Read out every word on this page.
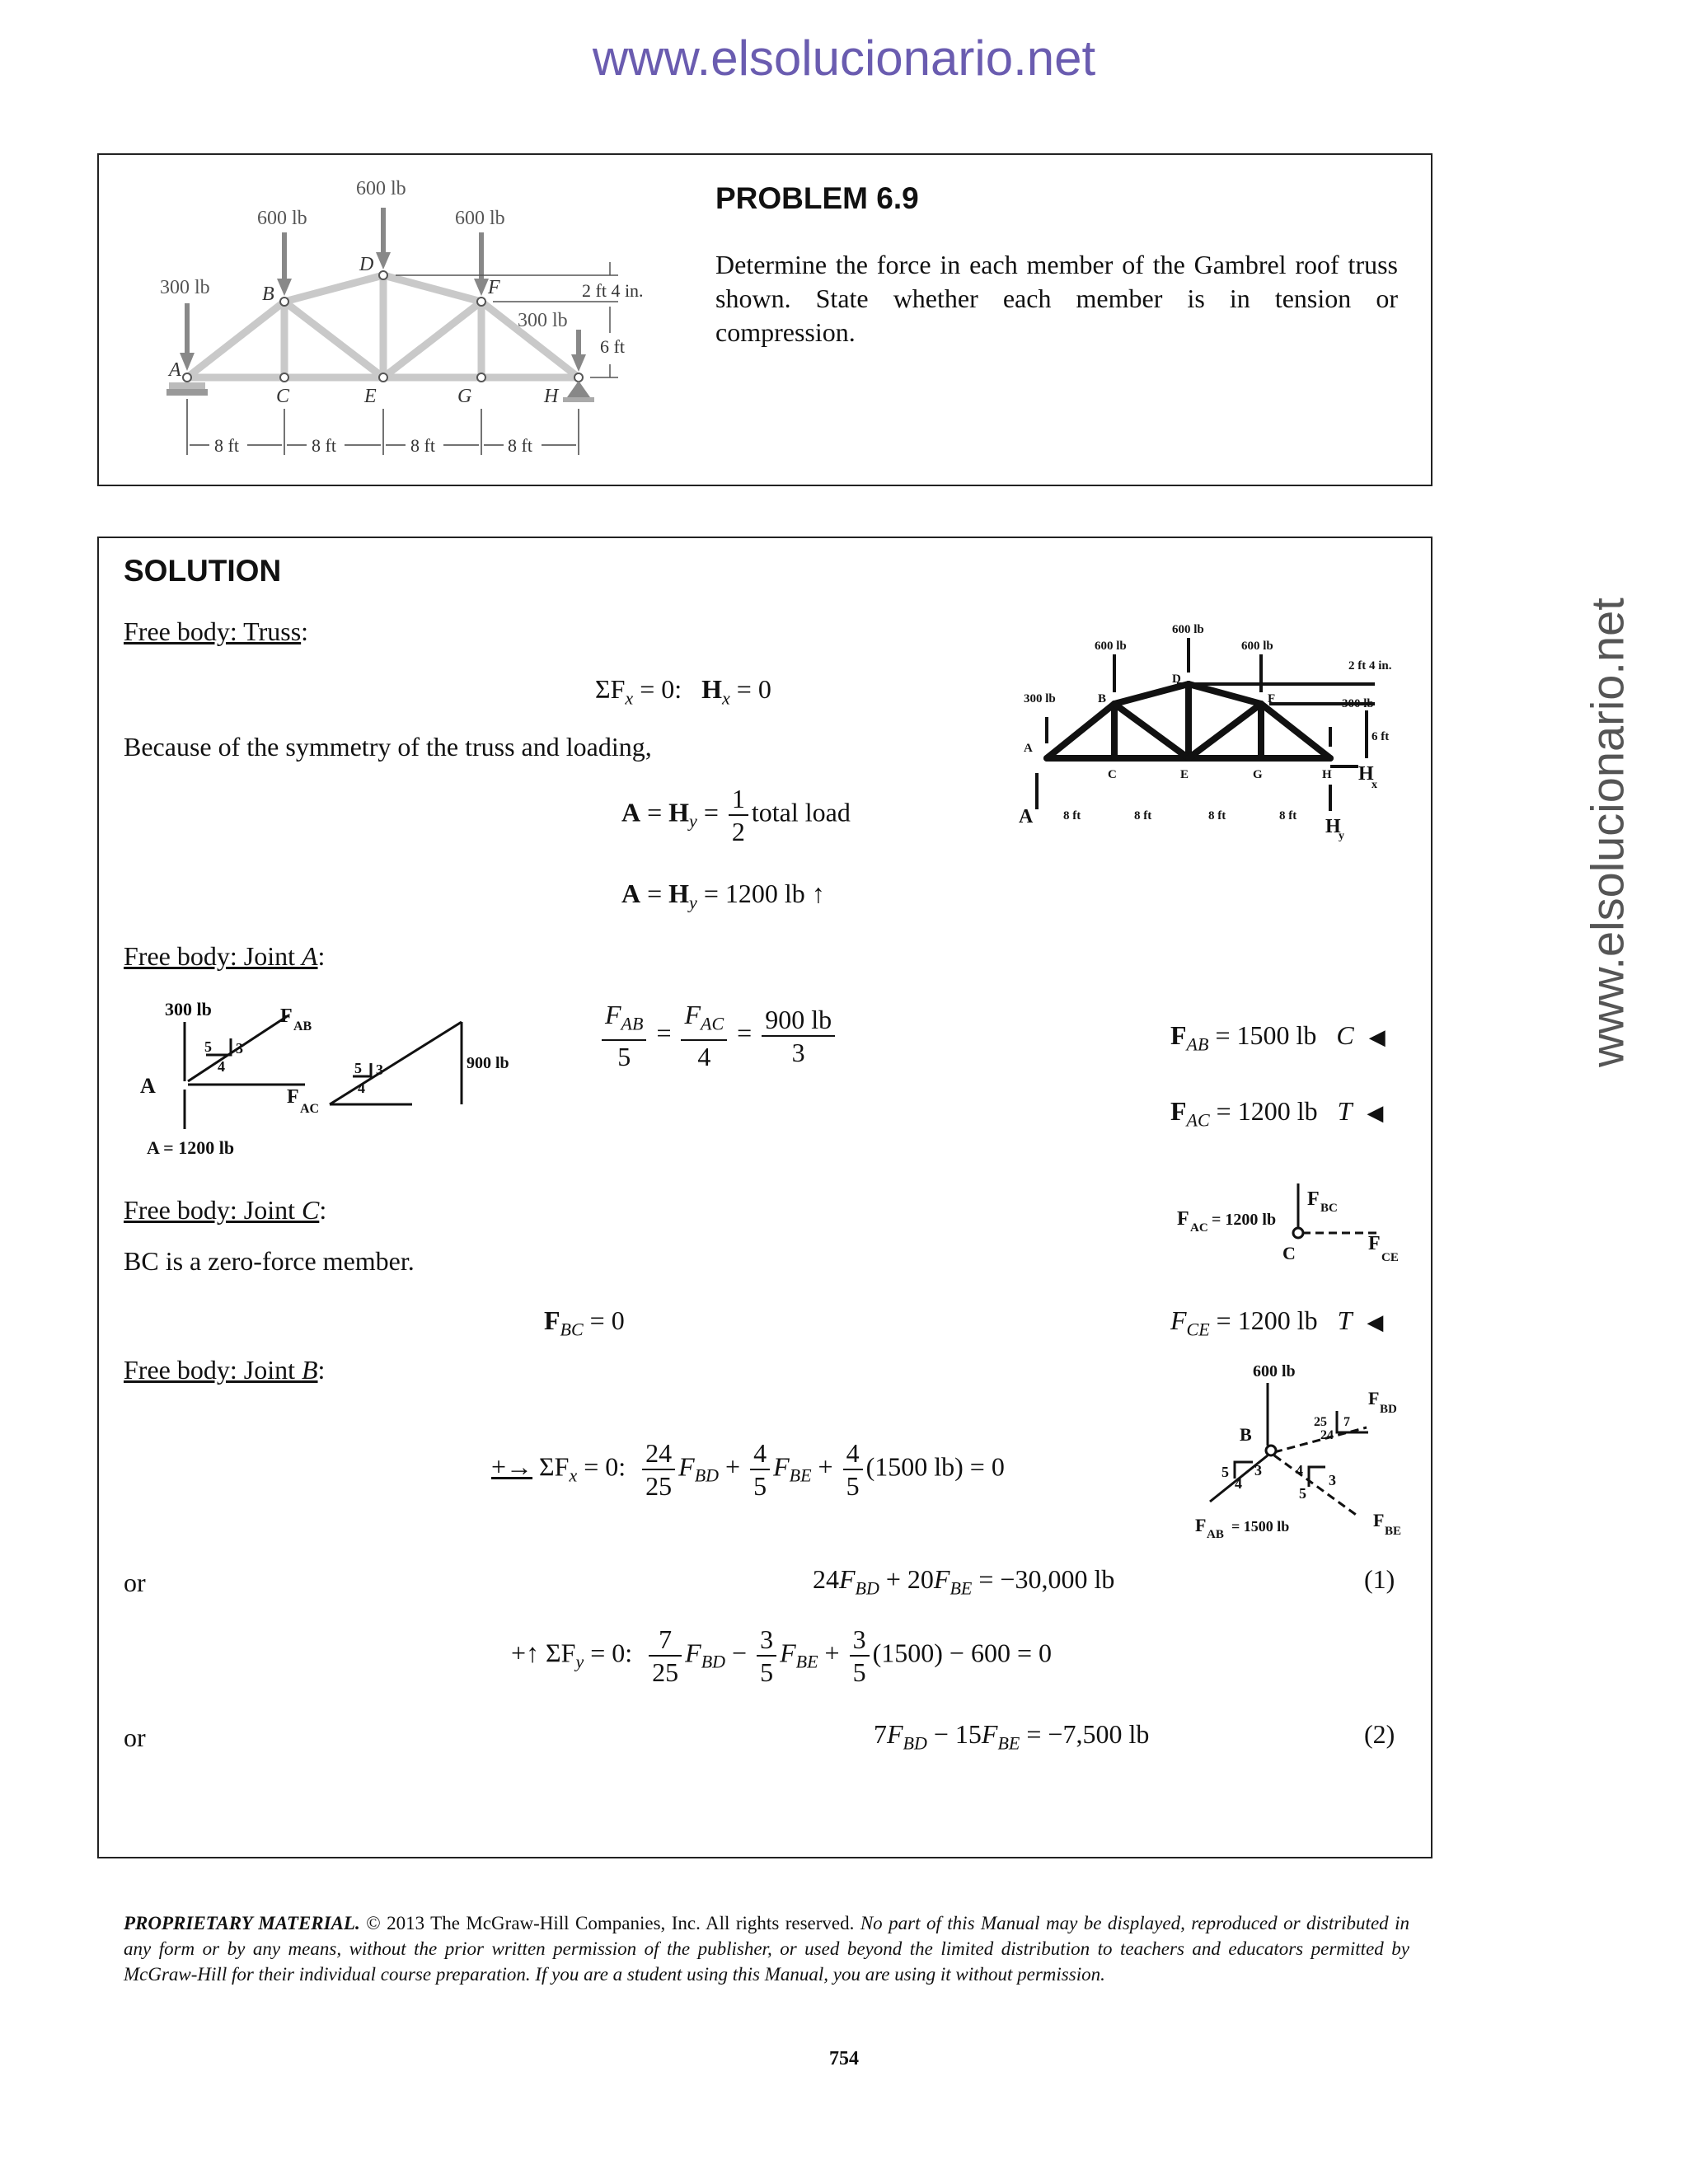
www.elsolucionario.net
www.elsolucionario.net
300 lb
600 lb
600 lb
600 lb
300 lb
A
B
C
D
E
F
G	H
2 ft 4 in.
6 ft
8 ft	8 ft	8 ft	8 ft
PROBLEM 6.9
Determine the force in each member of the Gambrel roof truss shown. State whether each member is in tension or compression.
SOLUTION
Free body: Truss:
$\Sigma F_x = 0$:   $H_x = 0$
Because of the symmetry of the truss and loading,
$A = H_y = \frac{1}{2}$ total load
$A = H_y = 1200$ lb ↑
300 lb
600 lb
600 lb
600 lb
300 lb
2 ft 4 in.
6 ft
8 ft	8 ft	8 ft	8 ft
A
B
C
D
E
F
G	H
A
H
x
H
y
Free body: Joint A:
300 lb	F AB
F
AC
A = 1200 lb
900 lb
5 3
4	5 3
4
A
$\frac{F_{AB}}{5} = \frac{F_{AC}}{4} = \frac{900 lb}{3}$	$F_{AB} = 1500$ lb C ◀
$F_{AC} = 1200$ lb T ◀
Free body: Joint C:
BC is a zero-force member.
$F_{BC} = 0$	$F_{CE} = 1200$ lb T ◀
F AC = 1200 lb
F BC
C	F
CE
Free body: Joint B:	600 lb
B
F
BD
F
BE
F AB = 1500 lb
25
24
7
5
4
3 4
5
3
+→ $\Sigma F_x = 0$: $\frac{24}{25} F_{BD} + \frac{4}{5} F_{BE} + \frac{4}{5} (1500$ lb) = 0
or	$24F_{BD} + 20F_{BE} = -30,000$ lb	(1)
+↑ $\Sigma F_y = 0$: $\frac{7}{25} F_{BD} - \frac{3}{5} F_{BE} + \frac{3}{5} (1500) - 600 = 0$
or	$7F_{BD} - 15F_{BE} = -7,500$ lb	(2)
PROPRIETARY MATERIAL. © 2013 The McGraw-Hill Companies, Inc. All rights reserved. No part of this Manual may be displayed, reproduced or distributed in any form or by any means, without the prior written permission of the publisher, or used beyond the limited distribution to teachers and educators permitted by McGraw-Hill for their individual course preparation. If you are a student using this Manual, you are using it without permission.
754
